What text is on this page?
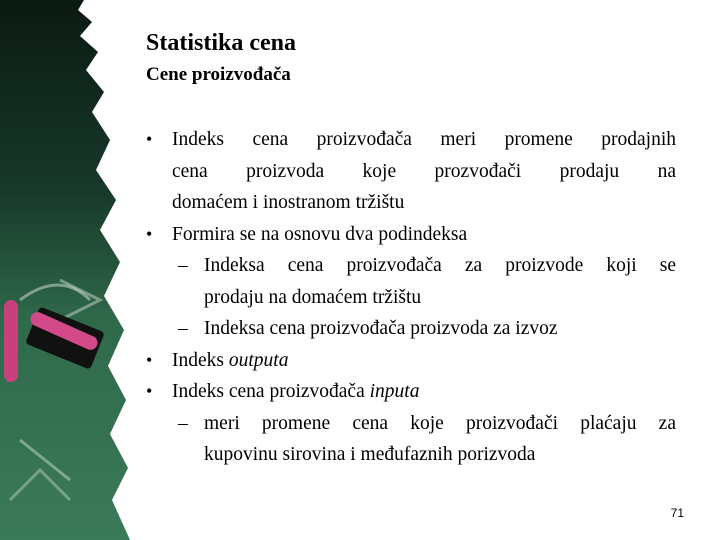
Statistika cena
Cene proizvođača
• Indeks cena proizvođača meri promene prodajnih
cena proizvoda koje prozvođači prodaju na
domaćem i inostranom tržištu
• Formira se na osnovu dva podindeksa
– Indeksa cena proizvođača za proizvode koji se
prodaju na domaćem tržištu
– Indeksa cena proizvođača proizvoda za izvoz
• Indeks outputa
• Indeks cena proizvođača inputa
– meri promene cena koje proizvođači plaćaju za
kupovinu sirovina i međufaznih porizvoda
71
